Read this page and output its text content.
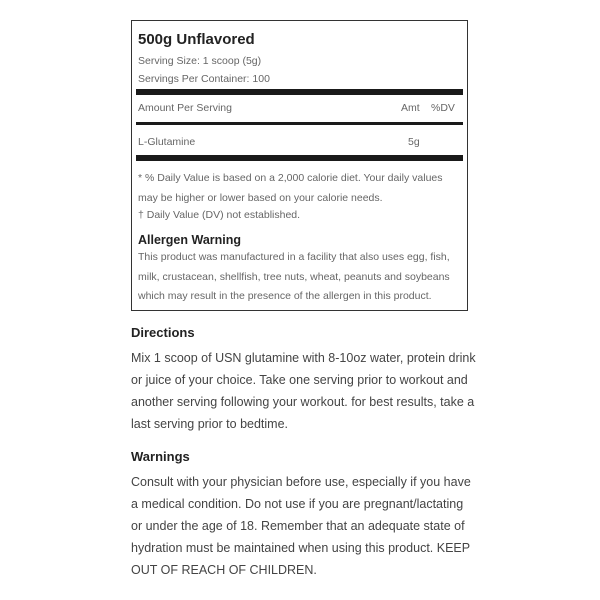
500g Unflavored
Serving Size: 1 scoop (5g)
Servings Per Container: 100
Amount Per Serving	Amt %DV
L-Glutamine	5g
* % Daily Value is based on a 2,000 calorie diet. Your daily values may be higher or lower based on your calorie needs.
† Daily Value (DV) not established.
Allergen Warning
This product was manufactured in a facility that also uses egg, fish, milk, crustacean, shellfish, tree nuts, wheat, peanuts and soybeans which may result in the presence of the allergen in this product.
Directions
Mix 1 scoop of USN glutamine with 8-10oz water, protein drink or juice of your choice. Take one serving prior to workout and another serving following your workout. for best results, take a last serving prior to bedtime.
Warnings
Consult with your physician before use, especially if you have a medical condition. Do not use if you are pregnant/lactating or under the age of 18. Remember that an adequate state of hydration must be maintained when using this product. KEEP OUT OF REACH OF CHILDREN.
